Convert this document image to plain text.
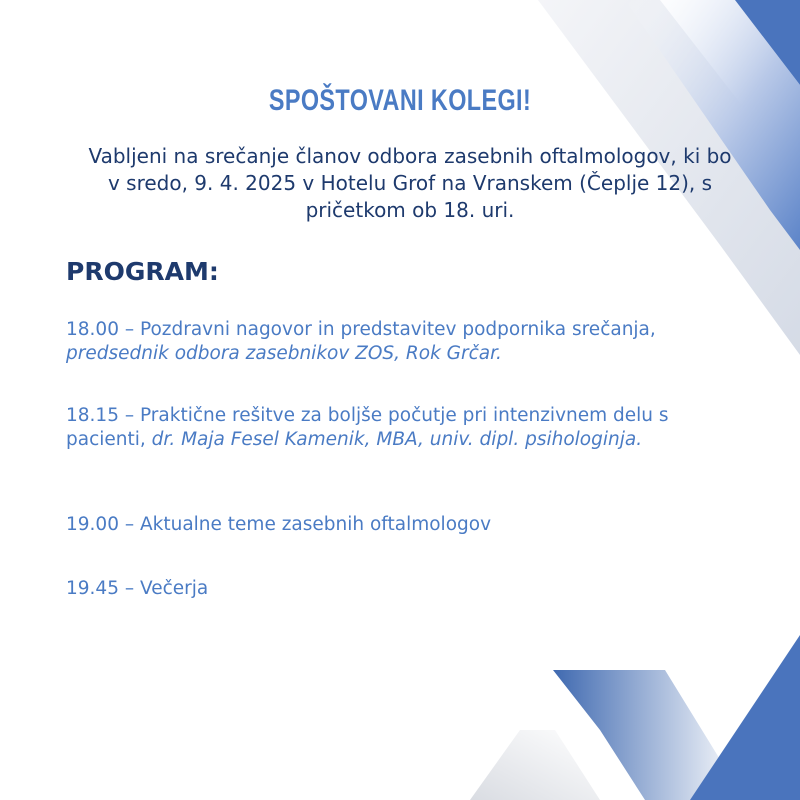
SPOŠTOVANI KOLEGI!
Vabljeni na srečanje članov odbora zasebnih oftalmologov, ki bo v sredo, 9. 4. 2025 v Hotelu Grof na Vranskem (Čeplje 12), s pričetkom ob 18. uri.
PROGRAM:
18.00 – Pozdravni nagovor in predstavitev podpornika srečanja, predsednik odbora zasebnikov ZOS, Rok Grčar.
18.15 – Praktične rešitve za boljše počutje pri intenzivnem delu s pacienti, dr. Maja Fesel Kamenik, MBA, univ. dipl. psihologinja.
19.00 – Aktualne teme zasebnih oftalmologov
19.45 – Večerja
